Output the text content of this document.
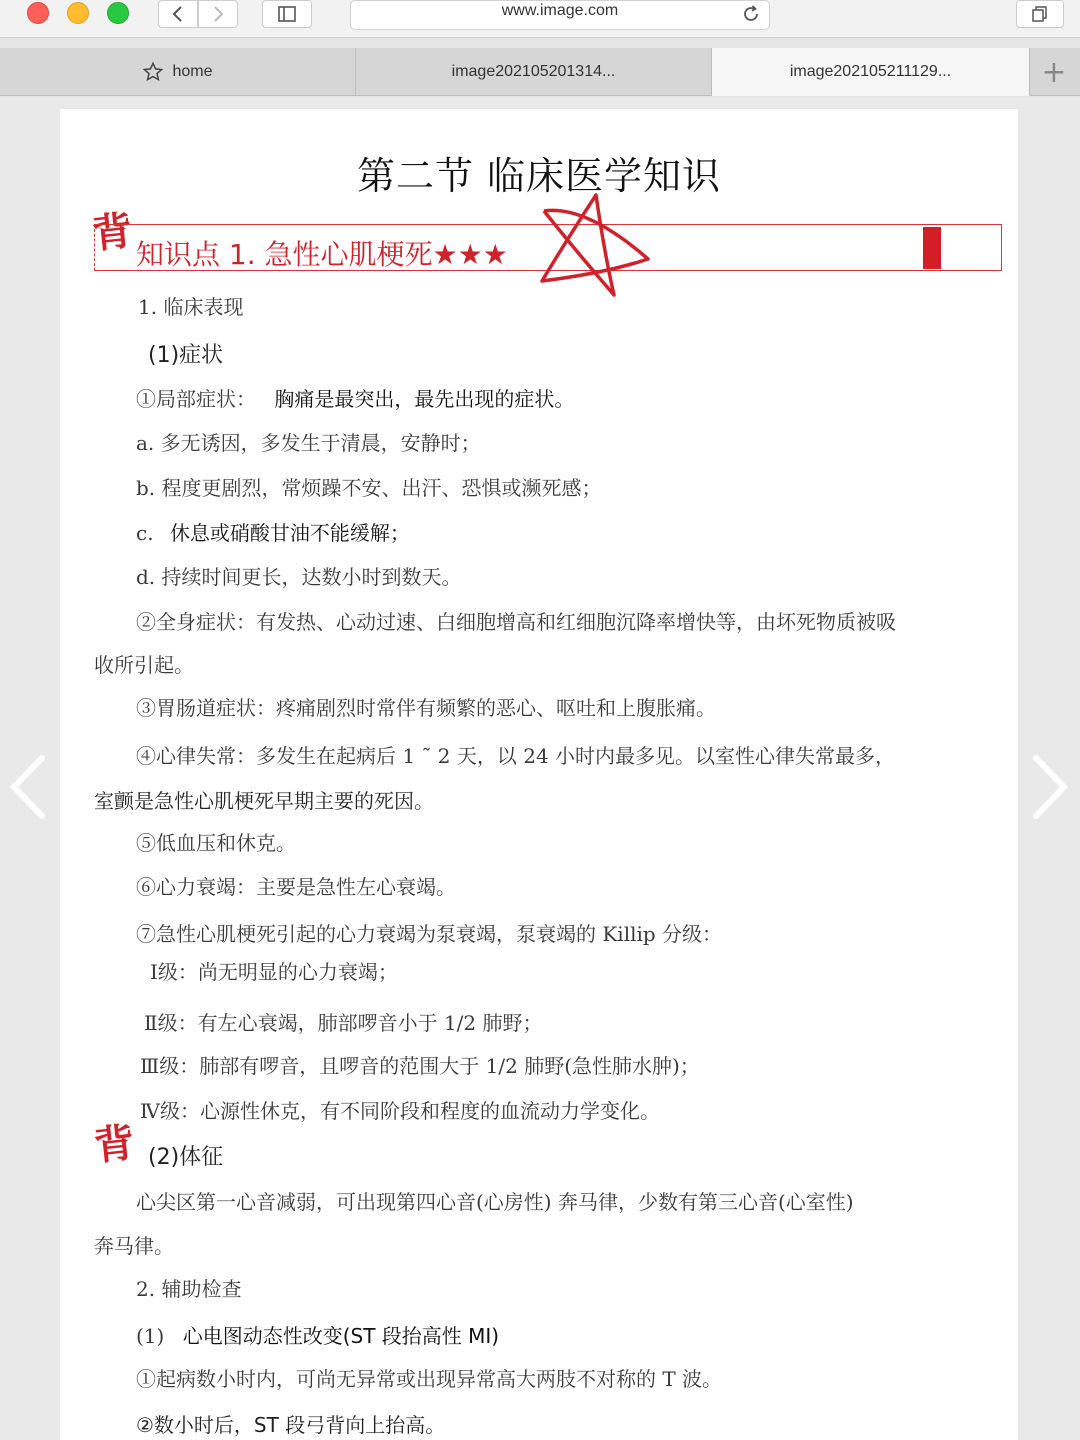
www.image.com
home	image202105201314...	image202105211129...	+
第二节 临床医学知识
背 知识点 1. 急性心肌梗死★★★
1. 临床表现
(1)症状
①局部症状： 胸痛是最突出，最先出现的症状。
a. 多无诱因，多发生于清晨，安静时；
b. 程度更剧烈，常烦躁不安、出汗、恐惧或濒死感；
c. 休息或硝酸甘油不能缓解；
d. 持续时间更长，达数小时到数天。
②全身症状：有发热、心动过速、白细胞增高和红细胞沉降率增快等，由坏死物质被吸
收所引起。
③胃肠道症状：疼痛剧烈时常伴有频繁的恶心、呕吐和上腹胀痛。
④心律失常：多发生在起病后 1 ˜ 2 天，以 24 小时内最多见。以室性心律失常最多，
室颤是急性心肌梗死早期主要的死因。
⑤低血压和休克。
⑥心力衰竭：主要是急性左心衰竭。
⑦急性心肌梗死引起的心力衰竭为泵衰竭，泵衰竭的 Killip 分级：
Ⅰ级：尚无明显的心力衰竭；
Ⅱ级：有左心衰竭，肺部啰音小于 1/2 肺野；
Ⅲ级：肺部有啰音，且啰音的范围大于 1/2 肺野(急性肺水肿)；
Ⅳ级：心源性休克，有不同阶段和程度的血流动力学变化。
背 (2)体征
心尖区第一心音减弱，可出现第四心音(心房性) 奔马律，少数有第三心音(心室性)
奔马律。
2. 辅助检查
(1) 心电图动态性改变(ST 段抬高性 MI)
①起病数小时内，可尚无异常或出现异常高大两肢不对称的 T 波。
②数小时后，ST 段弓背向上抬高。
